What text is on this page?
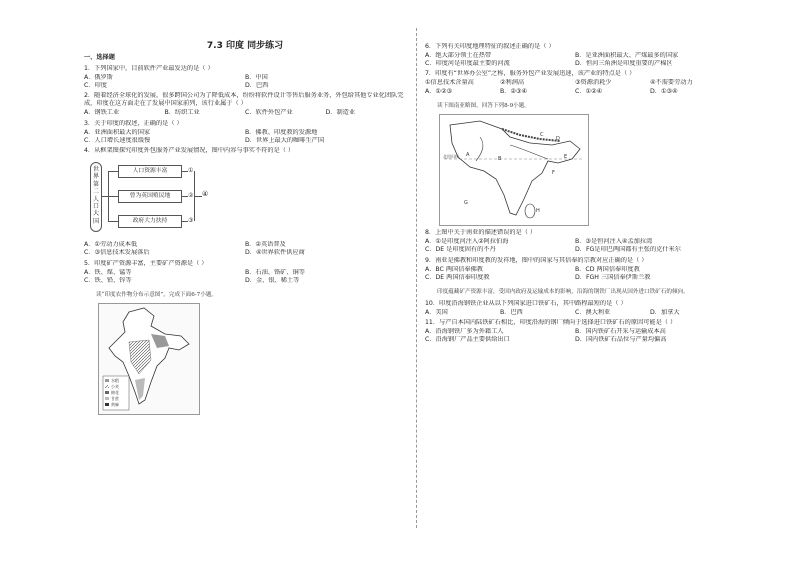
7.3 印度 同步练习
一、选择题
1．下列国家中，目前软件产业最发达的是（ ）
A．俄罗斯	B．中国
C．印度	D．巴西
2．随着经济全球化的发展，很多跨国公司为了降低成本，纷纷将软件设计等售后服务业务，外包给其他专业化团队完成，印度在这方面走在了发展中国家前列，该行业属于（ ）
A．钢铁工业	B．纺织工业	C．软件外包产业	D．制造业
3．关于印度的叙述，正确的是（ ）
A．亚洲面积最大的国家	B．佛教、印度教的发源地
C．人口增长速度很缓慢	D．世界上最大的咖啡生产国
4．从框架图探究印度外包服务产业发展情况，图中内容与事实不符的是（ ）
世
界
第
二
人
口
大
国
人口资源丰富
曾为英国殖民地
政府大力扶持
①
②
③
④
A．①劳动力成本低	B．②英语普及
C．③信息技术发展落后	D．④世界软件供应商
5．印度矿产资源丰富，主要矿产资源是（ ）
A．铁、煤、锰等	B．石油、铬矿、铜等
C．铁、铅、锌等	D．金、银、稀土等
读“印度农作物分布示意图”，完成下面6-7小题。
水稻
小麦
棉花
甘蔗
黄麻
6．下列有关印度地理特征的叙述正确的是（ ）
A．绝大部分领土在热带	B．是亚洲面积最大、产煤最多的国家
C．印度河是印度最主要的河流	D．恒河三角洲是印度重要的产棉区
7．印度有“世界办公室”之称，服务外包产业发展迅速，该产业的特点是（ ）
①信息技术含量高	②利润高	③资源消耗少	④不需要劳动力
A．①②③	B．②③④	C．①②④	D．①③④
读下图南亚略图，回答下列8-9小题。
A
B
C
D
E
F
G
H
北回归线
8．上图中关于南亚的描述错误的是（ ）
A．①是印度河注入②阿拉伯海	B．③是恒河注入④孟加拉湾
C．DE 是印度固有的不丹	D．FG是印巴两国都有主张的克什米尔
9．南亚是佛教和印度教的发祥地，图中的国家与其信奉的宗教对应正确的是（ ）
A．BC 两国信奉佛教	B．CD 两国信奉印度教
C．DE 两国信奉印度教	D．FGH 三国信奉伊斯兰教
印度蕴藏矿产资源丰富，受国内政府及运输成本的影响，沿海的钢铁厂出现从国外进口铁矿石的倾向。
10．印度沿海钢铁企业从以下列国家进口铁矿石，其中路程最短的是（ ）
A．美国	B．巴西	C．澳大利亚	D．加拿大
11．与产自本国内陆铁矿石相比，印度沿海的钢厂倾向于选择进口铁矿石的原因可能是（ ）
A．沿海钢铁厂多为外籍工人	B．国内铁矿石开采与运输成本高
C．沿海钢厂产品主要供给出口	D．国内铁矿石品位与产量均偏高
